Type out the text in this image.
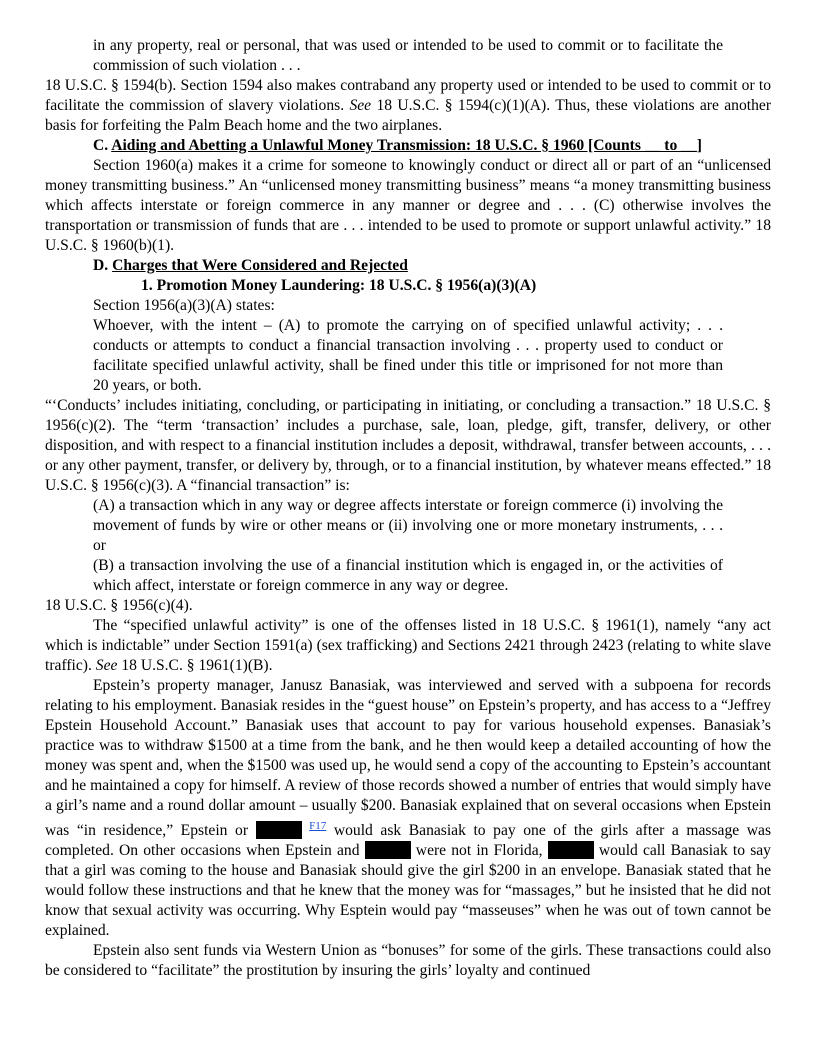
in any property, real or personal, that was used or intended to be used to commit or to facilitate the commission of such violation . . .

18 U.S.C. § 1594(b). Section 1594 also makes contraband any property used or intended to be used to commit or to facilitate the commission of slavery violations. See 18 U.S.C. § 1594(c)(1)(A). Thus, these violations are another basis for forfeiting the Palm Beach home and the two airplanes.

C. Aiding and Abetting a Unlawful Money Transmission: 18 U.S.C. § 1960 [Counts __ to __]

Section 1960(a) makes it a crime for someone to knowingly conduct or direct all or part of an “unlicensed money transmitting business.” An “unlicensed money transmitting business” means “a money transmitting business which affects interstate or foreign commerce in any manner or degree and . . . (C) otherwise involves the transportation or transmission of funds that are . . . intended to be used to promote or support unlawful activity.” 18 U.S.C. § 1960(b)(1).

D. Charges that Were Considered and Rejected

1. Promotion Money Laundering: 18 U.S.C. § 1956(a)(3)(A)

Section 1956(a)(3)(A) states:

Whoever, with the intent – (A) to promote the carrying on of specified unlawful activity; . . . conducts or attempts to conduct a financial transaction involving . . . property used to conduct or facilitate specified unlawful activity, shall be fined under this title or imprisoned for not more than 20 years, or both.

“‘Conducts’ includes initiating, concluding, or participating in initiating, or concluding a transaction.” 18 U.S.C. § 1956(c)(2). The “term ‘transaction’ includes a purchase, sale, loan, pledge, gift, transfer, delivery, or other disposition, and with respect to a financial institution includes a deposit, withdrawal, transfer between accounts, . . . or any other payment, transfer, or delivery by, through, or to a financial institution, by whatever means effected.” 18 U.S.C. § 1956(c)(3). A “financial transaction” is:

(A) a transaction which in any way or degree affects interstate or foreign commerce (i) involving the movement of funds by wire or other means or (ii) involving one or more monetary instruments, . . . or

(B) a transaction involving the use of a financial institution which is engaged in, or the activities of which affect, interstate or foreign commerce in any way or degree.

18 U.S.C. § 1956(c)(4).

The “specified unlawful activity” is one of the offenses listed in 18 U.S.C. § 1961(1), namely “any act which is indictable” under Section 1591(a) (sex trafficking) and Sections 2421 through 2423 (relating to white slave traffic). See 18 U.S.C. § 1961(1)(B).

Epstein’s property manager, Janusz Banasiak, was interviewed and served with a subpoena for records relating to his employment. Banasiak resides in the “guest house” on Epstein’s property, and has access to a “Jeffrey Epstein Household Account.” Banasiak uses that account to pay for various household expenses. Banasiak’s practice was to withdraw $1500 at a time from the bank, and he then would keep a detailed accounting of how the money was spent and, when the $1500 was used up, he would send a copy of the accounting to Epstein’s accountant and he maintained a copy for himself. A review of those records showed a number of entries that would simply have a girl’s name and a round dollar amount – usually $200. Banasiak explained that on several occasions when Epstein was “in residence,” Epstein or	$^{F17}$ would ask Banasiak to pay one of the girls after a massage was completed. On other occasions when Epstein and	were not in Florida,	would call Banasiak to say that a girl was coming to the house and Banasiak should give the girl $200 in an envelope. Banasiak stated that he would follow these instructions and that he knew that the money was for “massages,” but he insisted that he did not know that sexual activity was occurring. Why Esptein would pay “masseuses” when he was out of town cannot be explained.

Epstein also sent funds via Western Union as “bonuses” for some of the girls. These transactions could also be considered to “facilitate” the prostitution by insuring the girls’ loyalty and continued
